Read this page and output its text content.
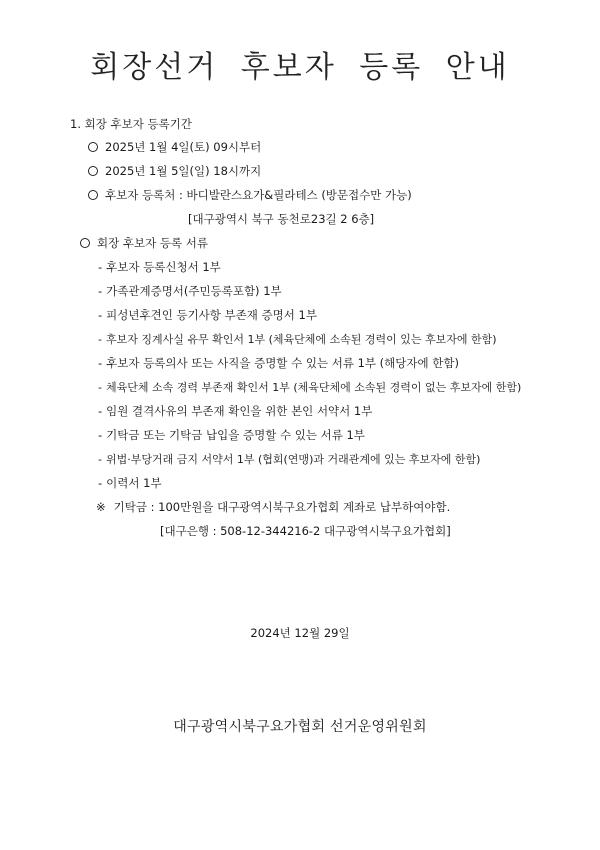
회장선거 후보자 등록 안내
1. 회장 후보자 등록기간
2025년 1월 4일(토) 09시부터
2025년 1월 5일(일) 18시까지
후보자 등록처 : 바디발란스요가&필라테스 (방문접수만 가능)
[대구광역시 북구 동천로23길 2 6층]
회장 후보자 등록 서류
- 후보자 등록신청서 1부
- 가족관계증명서(주민등록포함) 1부
- 피성년후견인 등기사항 부존재 증명서 1부
- 후보자 징계사실 유무 확인서 1부 (체육단체에 소속된 경력이 있는 후보자에 한함)
- 후보자 등록의사 또는 사직을 증명할 수 있는 서류 1부 (해당자에 한함)
- 체육단체 소속 경력 부존재 확인서 1부 (체육단체에 소속된 경력이 없는 후보자에 한함)
- 임원 결격사유의 부존재 확인을 위한 본인 서약서 1부
- 기탁금 또는 기탁금 납입을 증명할 수 있는 서류 1부
- 위법·부당거래 금지 서약서 1부 (협회(연맹)과 거래관계에 있는 후보자에 한함)
- 이력서 1부
※ 기탁금 : 100만원을 대구광역시북구요가협회 계좌로 납부하여야함.
[대구은행 : 508-12-344216-2 대구광역시북구요가협회]
2024년 12월 29일
대구광역시북구요가협회 선거운영위원회
